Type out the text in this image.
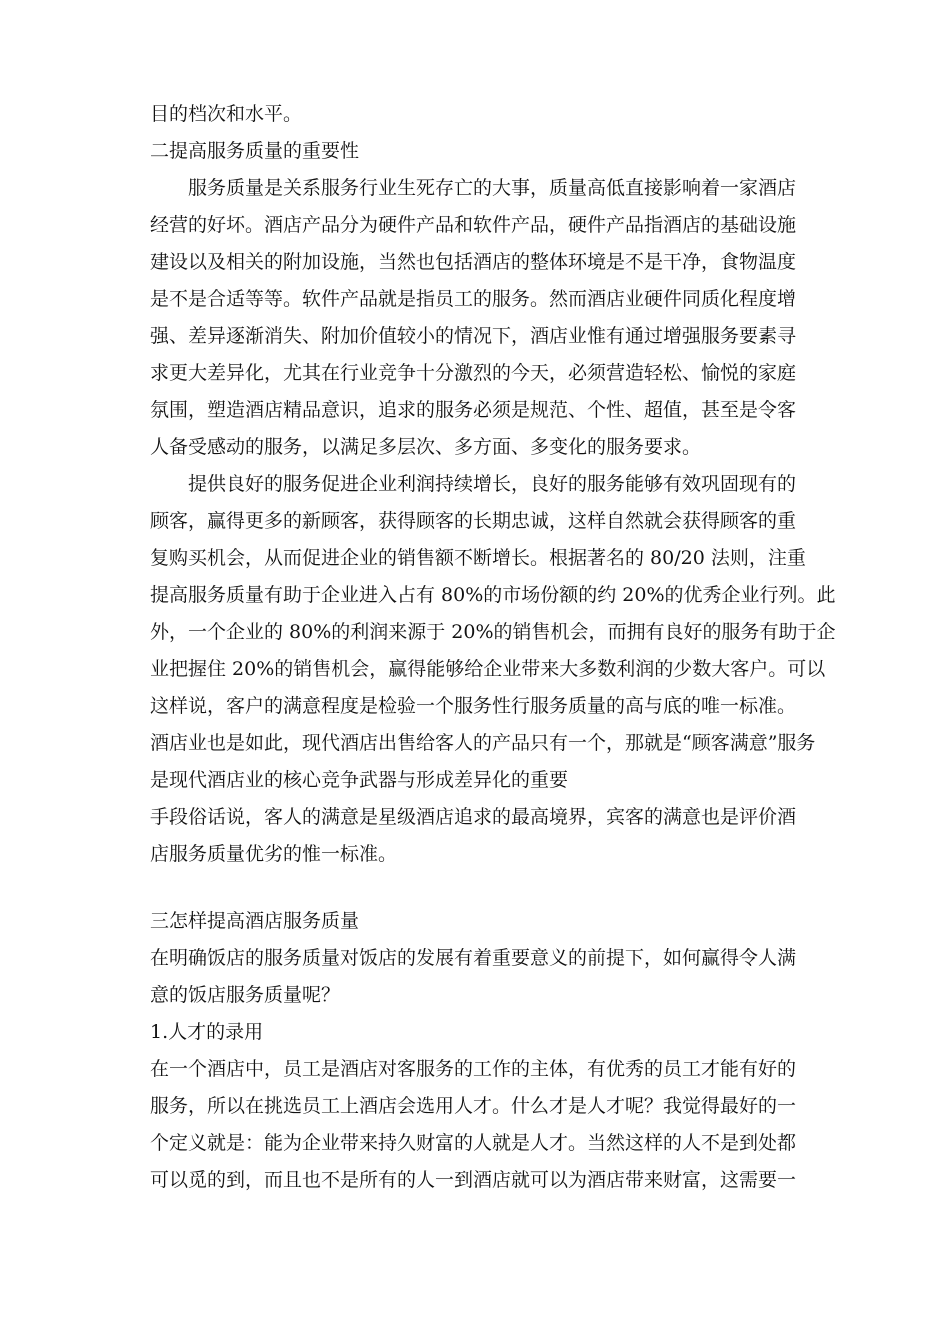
目的档次和水平。
二提高服务质量的重要性
服务质量是关系服务行业生死存亡的大事，质量高低直接影响着一家酒店
经营的好坏。酒店产品分为硬件产品和软件产品，硬件产品指酒店的基础设施
建设以及相关的附加设施，当然也包括酒店的整体环境是不是干净，食物温度
是不是合适等等。软件产品就是指员工的服务。然而酒店业硬件同质化程度增
强、差异逐渐消失、附加价值较小的情况下，酒店业惟有通过增强服务要素寻
求更大差异化，尤其在行业竞争十分激烈的今天，必须营造轻松、愉悦的家庭
氛围，塑造酒店精品意识，追求的服务必须是规范、个性、超值，甚至是令客
人备受感动的服务，以满足多层次、多方面、多变化的服务要求。
提供良好的服务促进企业利润持续增长，良好的服务能够有效巩固现有的
顾客，赢得更多的新顾客，获得顾客的长期忠诚，这样自然就会获得顾客的重
复购买机会，从而促进企业的销售额不断增长。根据著名的 80/20 法则，注重
提高服务质量有助于企业进入占有 80%的市场份额的约 20%的优秀企业行列。此
外，一个企业的 80%的利润来源于 20%的销售机会，而拥有良好的服务有助于企
业把握住 20%的销售机会，赢得能够给企业带来大多数利润的少数大客户。可以
这样说，客户的满意程度是检验一个服务性行服务质量的高与底的唯一标准。
酒店业也是如此，现代酒店出售给客人的产品只有一个，那就是“顾客满意”服务
是现代酒店业的核心竞争武器与形成差异化的重要
手段俗话说，客人的满意是星级酒店追求的最高境界，宾客的满意也是评价酒
店服务质量优劣的惟一标准。
三怎样提高酒店服务质量
在明确饭店的服务质量对饭店的发展有着重要意义的前提下，如何赢得令人满
意的饭店服务质量呢？
1.人才的录用
在一个酒店中，员工是酒店对客服务的工作的主体，有优秀的员工才能有好的
服务，所以在挑选员工上酒店会选用人才。什么才是人才呢？我觉得最好的一
个定义就是：能为企业带来持久财富的人就是人才。当然这样的人不是到处都
可以觅的到，而且也不是所有的人一到酒店就可以为酒店带来财富，这需要一
